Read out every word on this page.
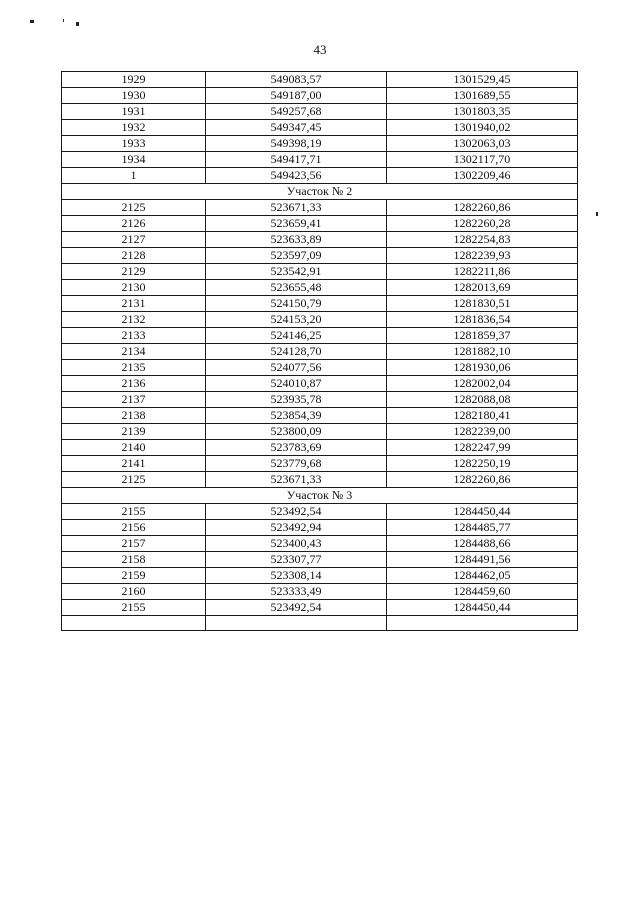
43
1929	549083,57	1301529,45
1930	549187,00	1301689,55
1931	549257,68	1301803,35
1932	549347,45	1301940,02
1933	549398,19	1302063,03
1934	549417,71	1302117,70
1	549423,56	1302209,46
Участок № 2		
2125	523671,33	1282260,86
2126	523659,41	1282260,28
2127	523633,89	1282254,83
2128	523597,09	1282239,93
2129	523542,91	1282211,86
2130	523655,48	1282013,69
2131	524150,79	1281830,51
2132	524153,20	1281836,54
2133	524146,25	1281859,37
2134	524128,70	1281882,10
2135	524077,56	1281930,06
2136	524010,87	1282002,04
2137	523935,78	1282088,08
2138	523854,39	1282180,41
2139	523800,09	1282239,00
2140	523783,69	1282247,99
2141	523779,68	1282250,19
2125	523671,33	1282260,86
Участок № 3		
2155	523492,54	1284450,44
2156	523492,94	1284485,77
2157	523400,43	1284488,66
2158	523307,77	1284491,56
2159	523308,14	1284462,05
2160	523333,49	1284459,60
2155	523492,54	1284450,44
